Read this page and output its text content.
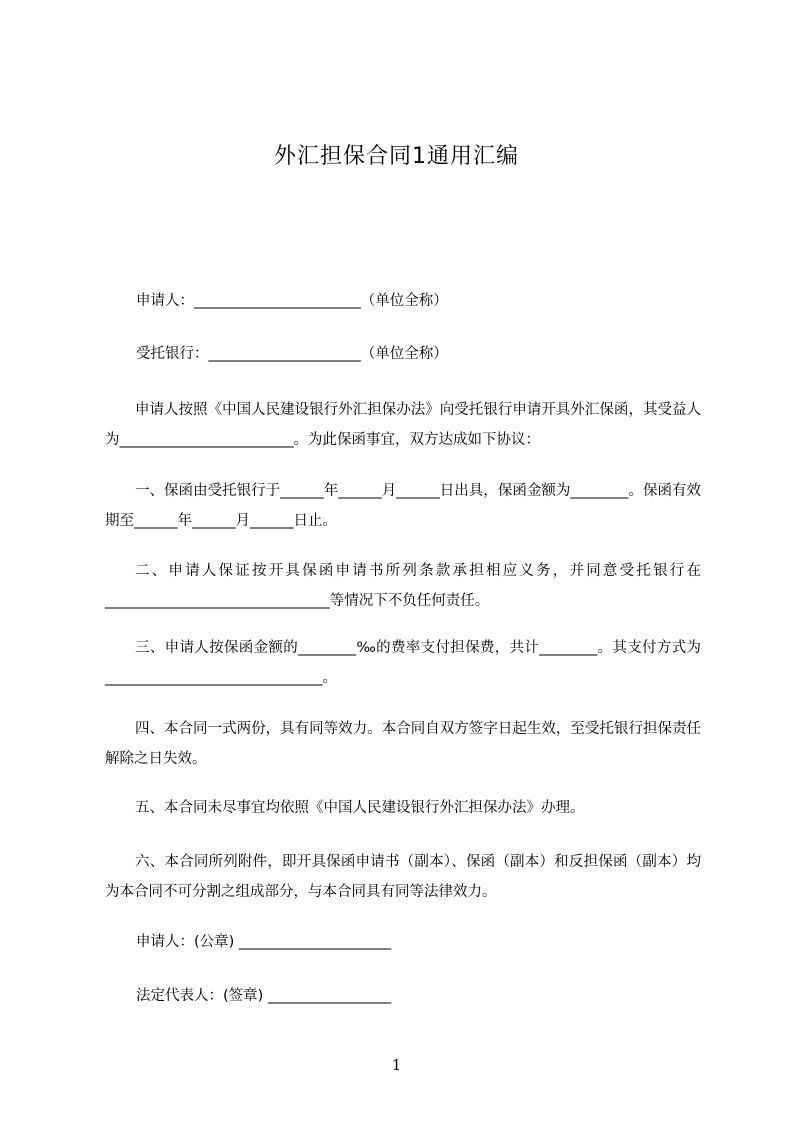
外汇担保合同1通用汇编
申请人：_______________________（单位全称）
受托银行：_____________________（单位全称）
申请人按照《中国人民建设银行外汇担保办法》向受托银行申请开具外汇保函，其受益人为________________________。为此保函事宜，双方达成如下协议：
一、保函由受托银行于______年______月______日出具，保函金额为________。保函有效期至______年______月______日止。
二、申请人保证按开具保函申请书所列条款承担相应义务，并同意受托银行在_______________________________等情况下不负任何责任。
三、申请人按保函金额的________‰的费率支付担保费，共计________。其支付方式为______________________________。
四、本合同一式两份，具有同等效力。本合同自双方签字日起生效，至受托银行担保责任解除之日失效。
五、本合同未尽事宜均依照《中国人民建设银行外汇担保办法》办理。
六、本合同所列附件，即开具保函申请书（副本）、保函（副本）和反担保函（副本）均为本合同不可分割之组成部分，与本合同具有同等法律效力。
申请人：(公章) _____________________
法定代表人：(签章) _________________
1
